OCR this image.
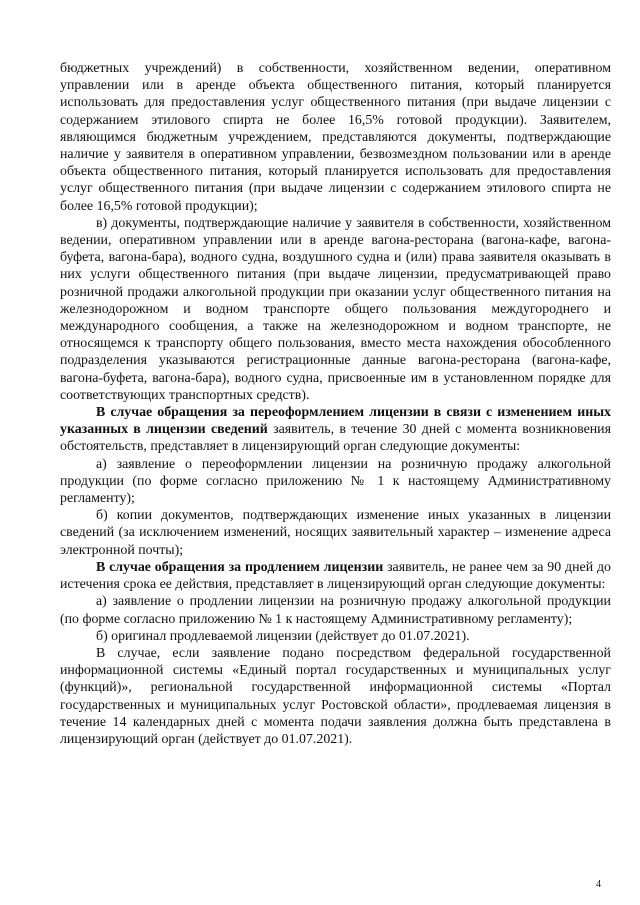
бюджетных учреждений) в собственности, хозяйственном ведении, оперативном управлении или в аренде объекта общественного питания, который планируется использовать для предоставления услуг общественного питания (при выдаче лицензии с содержанием этилового спирта не более 16,5% готовой продукции). Заявителем, являющимся бюджетным учреждением, представляются документы, подтверждающие наличие у заявителя в оперативном управлении, безвозмездном пользовании или в аренде объекта общественного питания, который планируется использовать для предоставления услуг общественного питания (при выдаче лицензии с содержанием этилового спирта не более 16,5% готовой продукции);

в) документы, подтверждающие наличие у заявителя в собственности, хозяйственном ведении, оперативном управлении или в аренде вагона-ресторана (вагона-кафе, вагона-буфета, вагона-бара), водного судна, воздушного судна и (или) права заявителя оказывать в них услуги общественного питания (при выдаче лицензии, предусматривающей право розничной продажи алкогольной продукции при оказании услуг общественного питания на железнодорожном и водном транспорте общего пользования междугороднего и международного сообщения, а также на железнодорожном и водном транспорте, не относящемся к транспорту общего пользования, вместо места нахождения обособленного подразделения указываются регистрационные данные вагона-ресторана (вагона-кафе, вагона-буфета, вагона-бара), водного судна, присвоенные им в установленном порядке для соответствующих транспортных средств).

В случае обращения за переоформлением лицензии в связи с изменением иных указанных в лицензии сведений заявитель, в течение 30 дней с момента возникновения обстоятельств, представляет в лицензирующий орган следующие документы:

а) заявление о переоформлении лицензии на розничную продажу алкогольной продукции (по форме согласно приложению № 1 к настоящему Административному регламенту);

б) копии документов, подтверждающих изменение иных указанных в лицензии сведений (за исключением изменений, носящих заявительный характер – изменение адреса электронной почты);

В случае обращения за продлением лицензии заявитель, не ранее чем за 90 дней до истечения срока ее действия, представляет в лицензирующий орган следующие документы:

а) заявление о продлении лицензии на розничную продажу алкогольной продукции (по форме согласно приложению № 1 к настоящему Административному регламенту);

б) оригинал продлеваемой лицензии (действует до 01.07.2021).

В случае, если заявление подано посредством федеральной государственной информационной системы «Единый портал государственных и муниципальных услуг (функций)», региональной государственной информационной системы «Портал государственных и муниципальных услуг Ростовской области», продлеваемая лицензия в течение 14 календарных дней с момента подачи заявления должна быть представлена в лицензирующий орган (действует до 01.07.2021).

4
